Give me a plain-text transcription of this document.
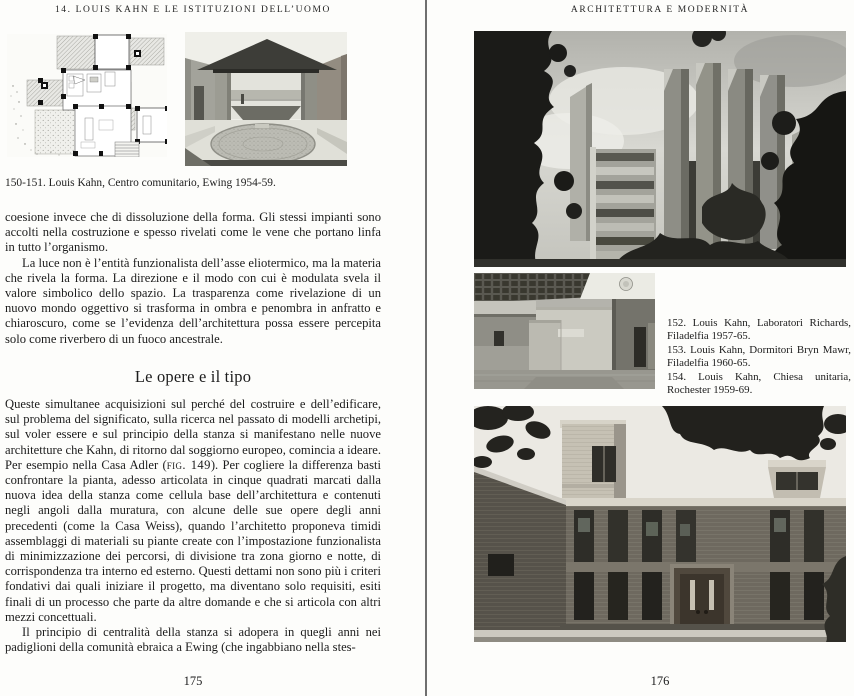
14. LOUIS KAHN E LE ISTITUZIONI DELL’UOMO
150-151. Louis Kahn, Centro comunitario, Ewing 1954-59.

coesione invece che di dissoluzione della forma. Gli stessi impianti sono accolti nella costruzione e spesso rivelati come le vene che portano linfa in tutto l’organismo.

La luce non è l’entità funzionalista dell’asse eliotermico, ma la materia che rivela la forma. La direzione e il modo con cui è modulata svela il valore simbolico dello spazio. La trasparenza come rivelazione di un nuovo mondo oggettivo si trasforma in ombra e penombra in anfratto e chiaroscuro, come se l’evidenza dell’architettura possa essere percepita solo come riverbero di un fuoco ancestrale.

Le opere e il tipo

Queste simultanee acquisizioni sul perché del costruire e dell’edificare, sul problema del significato, sulla ricerca nel passato di modelli archetipi, sul voler essere e sul principio della stanza si manifestano nelle nuove architetture che Kahn, di ritorno dal soggiorno europeo, comincia a ideare. Per esempio nella Casa Adler (fig. 149). Per cogliere la differenza basti confrontare la pianta, adesso articolata in cinque quadrati marcati dalla nuova idea della stanza come cellula base dell’architettura e contenuti negli angoli dalla muratura, con alcune delle sue opere degli anni precedenti (come la Casa Weiss), quando l’architetto proponeva timidi assemblaggi di materiali su piante create con l’impostazione funzionalista di minimizzazione dei percorsi, di divisione tra zona giorno e notte, di corrispondenza tra interno ed esterno. Questi dettami non sono più i criteri fondativi dai quali iniziare il progetto, ma diventano solo requisiti, esiti finali di un processo che parte da altre domande e che si articola con altri mezzi concettuali.

Il principio di centralità della stanza si adopera in quegli anni nei padiglioni della comunità ebraica a Ewing (che ingabbiano nella stes-

175
ARCHITETTURA E MODERNITÀ

152. Louis Kahn, Laboratori Richards, Filadelfia 1957-65.

153. Louis Kahn, Dormitori Bryn Mawr, Filadelfia 1960-65.

154. Louis Kahn, Chiesa unitaria, Rochester 1959-69.

176
